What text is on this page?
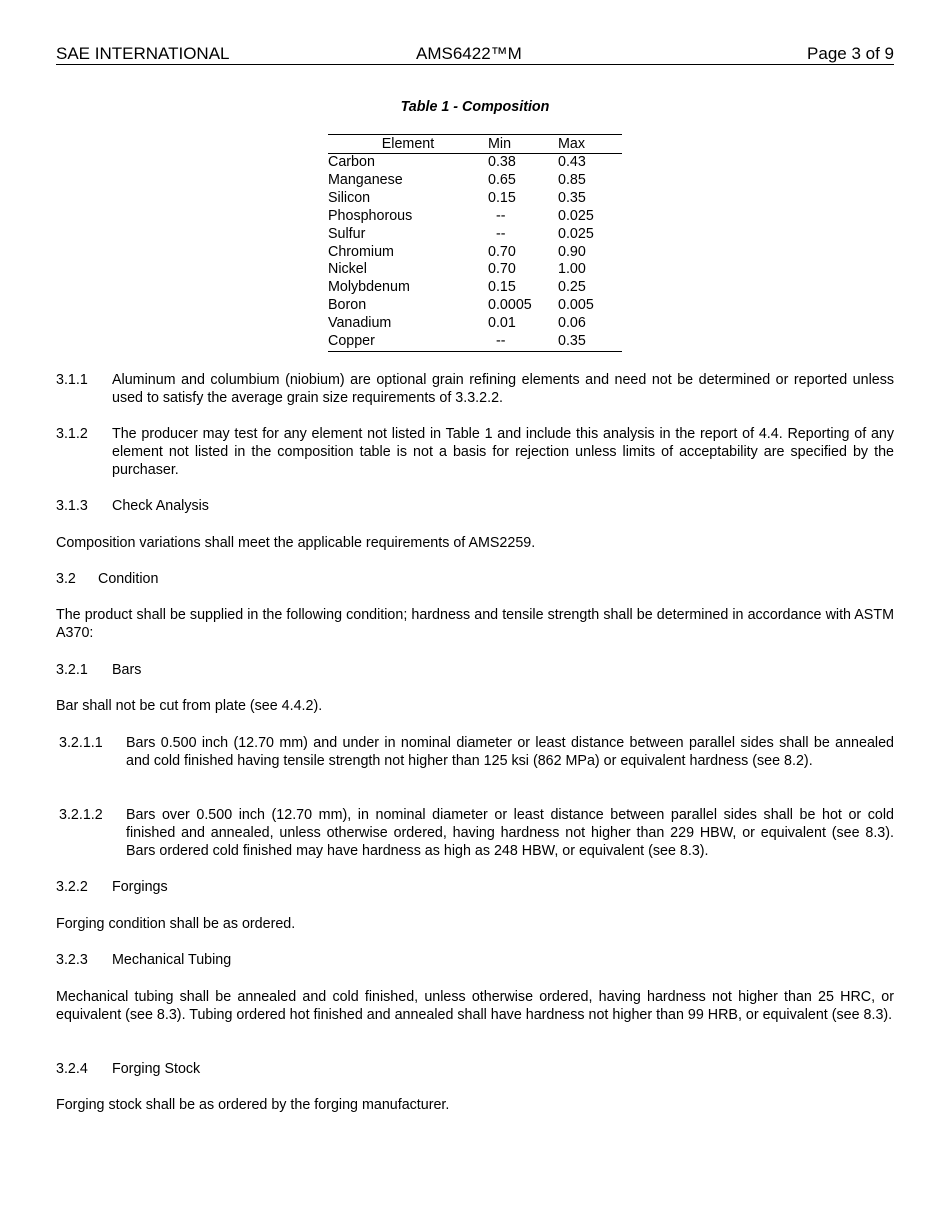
SAE INTERNATIONAL	AMS6422™M	Page 3 of 9
Table 1 - Composition
Element	Min	Max
Carbon	0.38	0.43
Manganese	0.65	0.85
Silicon	0.15	0.35
Phosphorous	--	0.025
Sulfur	--	0.025
Chromium	0.70	0.90
Nickel	0.70	1.00
Molybdenum	0.15	0.25
Boron	0.0005	0.005
Vanadium	0.01	0.06
Copper	--	0.35
3.1.1 Aluminum and columbium (niobium) are optional grain refining elements and need not be determined or reported unless used to satisfy the average grain size requirements of 3.3.2.2.
3.1.2 The producer may test for any element not listed in Table 1 and include this analysis in the report of 4.4. Reporting of any element not listed in the composition table is not a basis for rejection unless limits of acceptability are specified by the purchaser.
3.1.3 Check Analysis
Composition variations shall meet the applicable requirements of AMS2259.
3.2 Condition
The product shall be supplied in the following condition; hardness and tensile strength shall be determined in accordance with ASTM A370:
3.2.1 Bars
Bar shall not be cut from plate (see 4.4.2).
3.2.1.1 Bars 0.500 inch (12.70 mm) and under in nominal diameter or least distance between parallel sides shall be annealed and cold finished having tensile strength not higher than 125 ksi (862 MPa) or equivalent hardness (see 8.2).
3.2.1.2 Bars over 0.500 inch (12.70 mm), in nominal diameter or least distance between parallel sides shall be hot or cold finished and annealed, unless otherwise ordered, having hardness not higher than 229 HBW, or equivalent (see 8.3). Bars ordered cold finished may have hardness as high as 248 HBW, or equivalent (see 8.3).
3.2.2 Forgings
Forging condition shall be as ordered.
3.2.3 Mechanical Tubing
Mechanical tubing shall be annealed and cold finished, unless otherwise ordered, having hardness not higher than 25 HRC, or equivalent (see 8.3). Tubing ordered hot finished and annealed shall have hardness not higher than 99 HRB, or equivalent (see 8.3).
3.2.4 Forging Stock
Forging stock shall be as ordered by the forging manufacturer.
